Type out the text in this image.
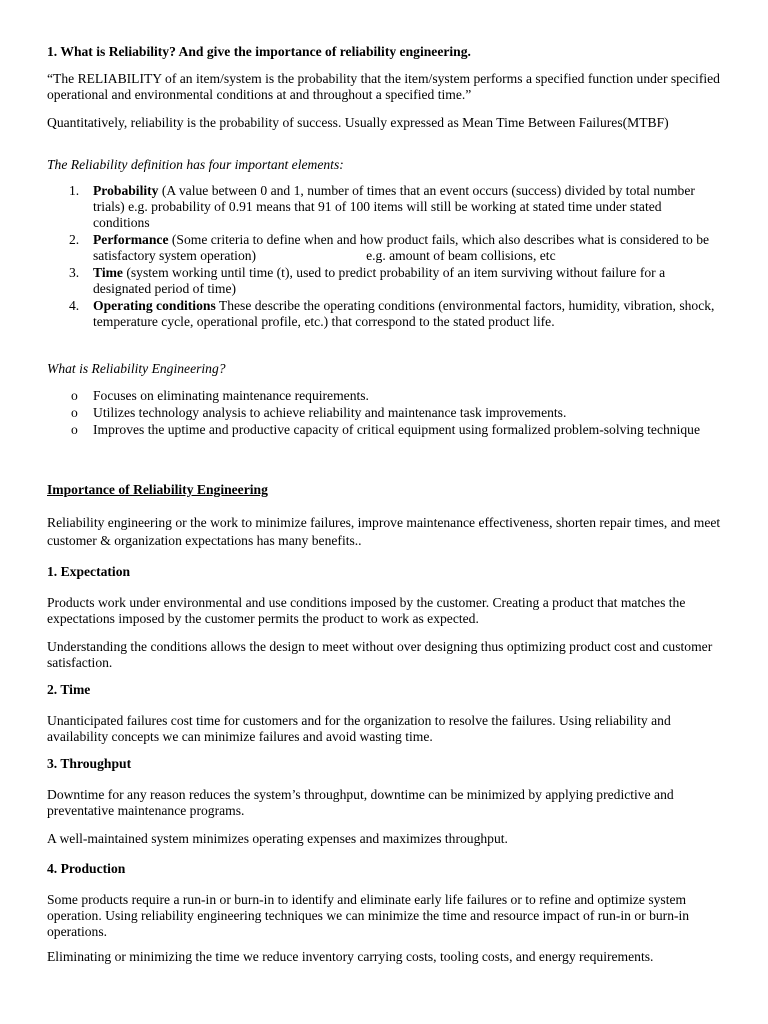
1. What is Reliability? And give the importance of reliability engineering.
“The RELIABILITY of an item/system is the probability that the item/system performs a specified function under specified operational and environmental conditions at and throughout a specified time.”
Quantitatively, reliability is the probability of success. Usually expressed as Mean Time Between Failures(MTBF)
The Reliability definition has four important elements:
1. Probability (A value between 0 and 1, number of times that an event occurs (success) divided by total number trials) e.g. probability of 0.91 means that 91 of 100 items will still be working at stated time under stated conditions
2. Performance (Some criteria to define when and how product fails, which also describes what is considered to be satisfactory system operation)	e.g. amount of beam collisions, etc
3. Time (system working until time (t), used to predict probability of an item surviving without failure for a designated period of time)
4. Operating conditions These describe the operating conditions (environmental factors, humidity, vibration, shock, temperature cycle, operational profile, etc.) that correspond to the stated product life.
What is Reliability Engineering?
o Focuses on eliminating maintenance requirements.
o Utilizes technology analysis to achieve reliability and maintenance task improvements.
o Improves the uptime and productive capacity of critical equipment using formalized problem-solving technique
Importance of Reliability Engineering
Reliability engineering or the work to minimize failures, improve maintenance effectiveness, shorten repair times, and meet customer & organization expectations has many benefits..
1. Expectation
Products work under environmental and use conditions imposed by the customer. Creating a product that matches the expectations imposed by the customer permits the product to work as expected.
Understanding the conditions allows the design to meet without over designing thus optimizing product cost and customer satisfaction.
2. Time
Unanticipated failures cost time for customers and for the organization to resolve the failures. Using reliability and availability concepts we can minimize failures and avoid wasting time.
3. Throughput
Downtime for any reason reduces the system’s throughput, downtime can be minimized by applying predictive and preventative maintenance programs.
A well-maintained system minimizes operating expenses and maximizes throughput.
4. Production
Some products require a run-in or burn-in to identify and eliminate early life failures or to refine and optimize system operation. Using reliability engineering techniques we can minimize the time and resource impact of run-in or burn-in operations.
Eliminating or minimizing the time we reduce inventory carrying costs, tooling costs, and energy requirements.
